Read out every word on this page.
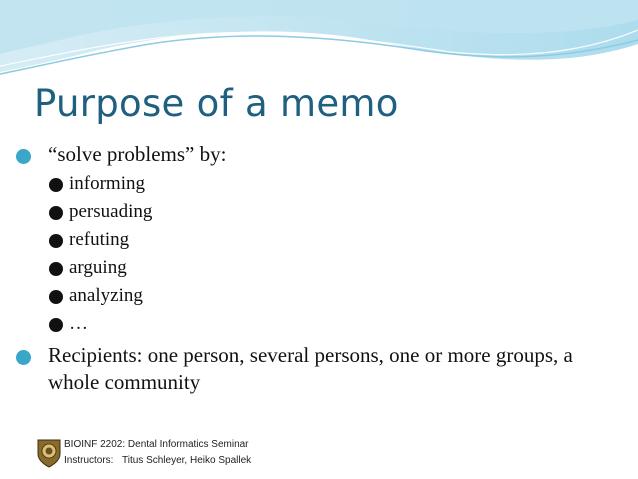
Purpose of a memo
“solve problems” by:
informing
persuading
refuting
arguing
analyzing
…
Recipients: one person, several persons, one or more groups, a whole community
BIOINF 2202: Dental Informatics Seminar
Instructors: Titus Schleyer, Heiko Spallek
